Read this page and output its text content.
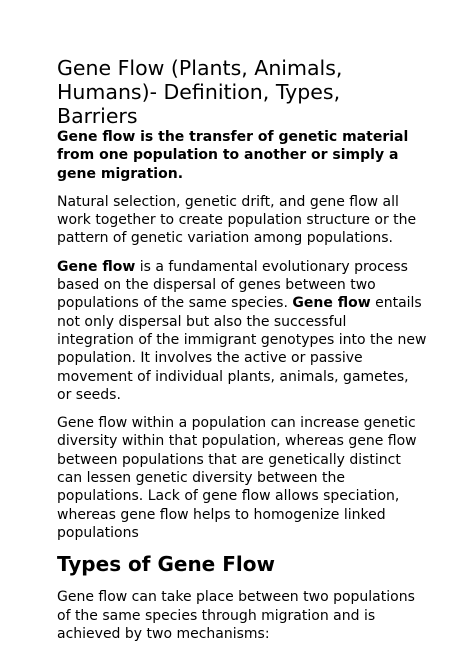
Gene Flow (Plants, Animals, Humans)- Definition, Types, Barriers

Gene flow is the transfer of genetic material from one population to another or simply a gene migration.

Natural selection, genetic drift, and gene flow all work together to create population structure or the pattern of genetic variation among populations.

Gene flow is a fundamental evolutionary process based on the dispersal of genes between two populations of the same species. Gene flow entails not only dispersal but also the successful integration of the immigrant genotypes into the new population. It involves the active or passive movement of individual plants, animals, gametes, or seeds.

Gene flow within a population can increase genetic diversity within that population, whereas gene flow between populations that are genetically distinct can lessen genetic diversity between the populations. Lack of gene flow allows speciation, whereas gene flow helps to homogenize linked populations

Types of Gene Flow

Gene flow can take place between two populations of the same species through migration and is achieved by two mechanisms:
